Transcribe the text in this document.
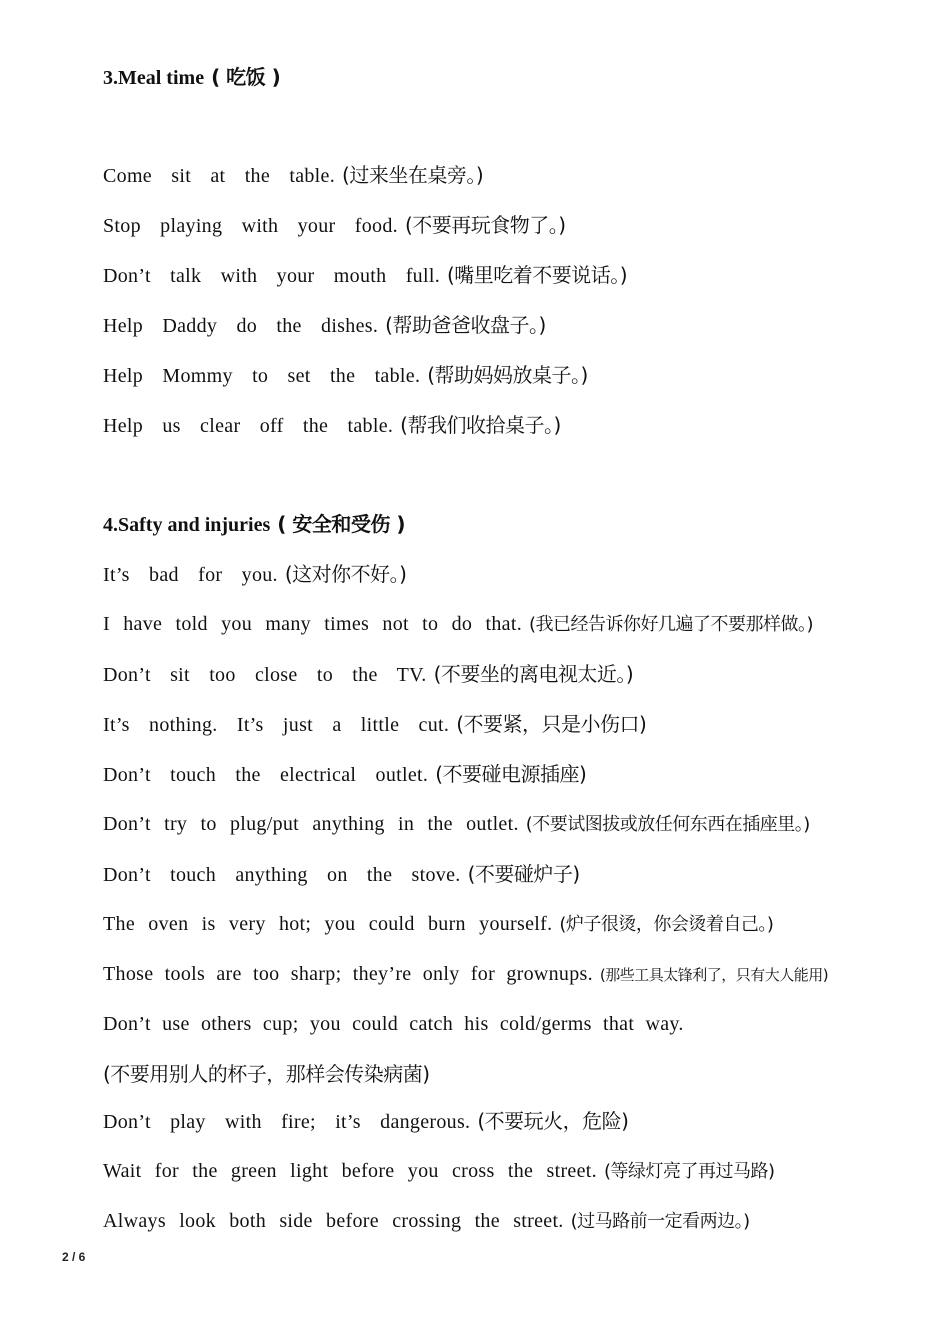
3.Meal time ( 吃饭 )
Come sit at the table. (过来坐在桌旁。)
Stop playing with your food. (不要再玩食物了。)
Don’t talk with your mouth full. (嘴里吃着不要说话。)
Help Daddy do the dishes. (帮助爸爸收盘子。)
Help Mommy to set the table. (帮助妈妈放桌子。)
Help us clear off the table. (帮我们收拾桌子。)
4.Safty and injuries ( 安全和受伤 )
It’s bad for you. (这对你不好。)
I have told you many times not to do that. (我已经告诉你好几遍了不要那样做。)
Don’t sit too close to the TV. (不要坐的离电视太近。)
It’s nothing. It’s just a little cut. (不要紧，只是小伤口)
Don’t touch the electrical outlet. (不要碰电源插座)
Don’t try to plug/put anything in the outlet. (不要试图拔或放任何东西在插座里。)
Don’t touch anything on the stove. (不要碰炉子)
The oven is very hot; you could burn yourself. (炉子很烫，你会烫着自己。)
Those tools are too sharp; they’re only for grownups. (那些工具太锋利了，只有大人能用)
Don’t use others cup; you could catch his cold/germs that way.
(不要用别人的杯子，那样会传染病菌)
Don’t play with fire; it’s dangerous. (不要玩火，危险)
Wait for the green light before you cross the street. (等绿灯亮了再过马路)
Always look both side before crossing the street. (过马路前一定看两边。)
2 / 6
